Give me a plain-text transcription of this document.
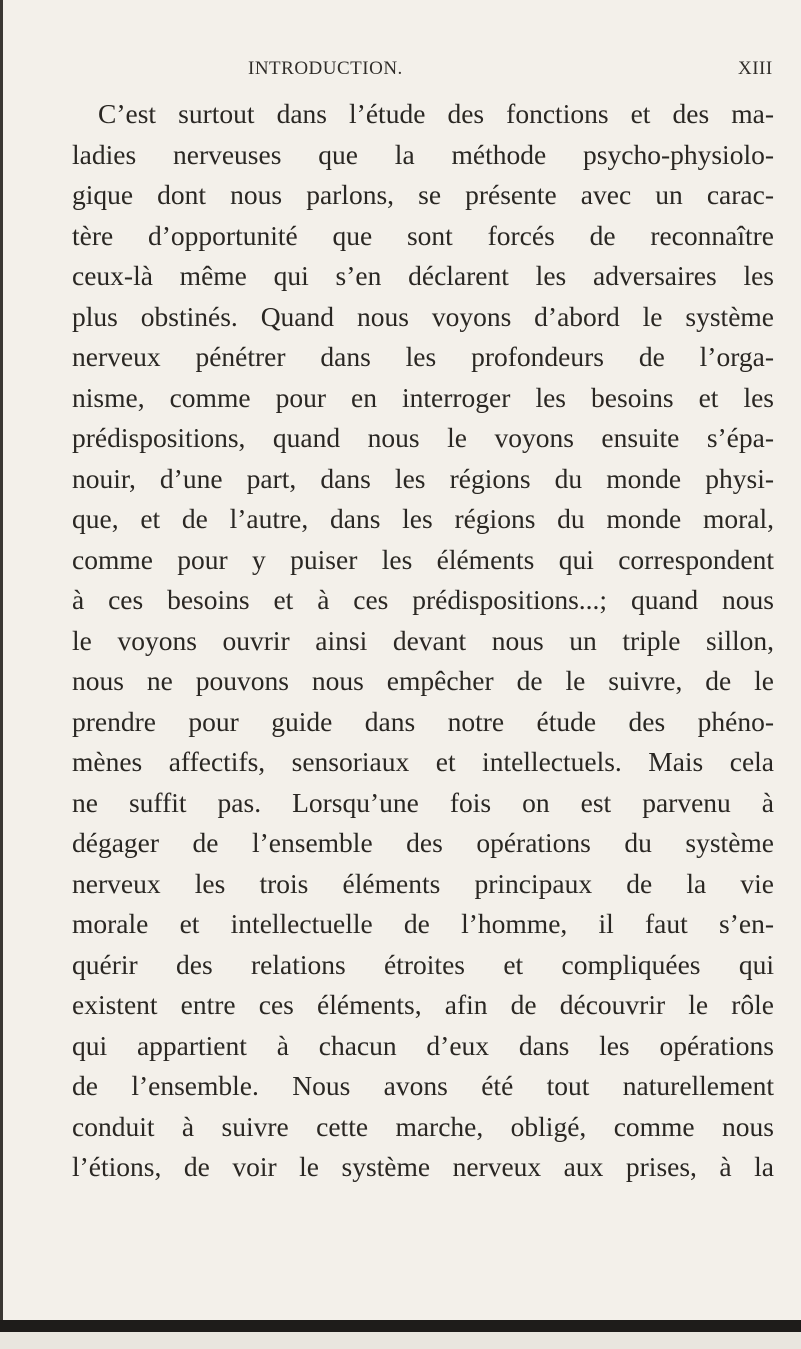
INTRODUCTION.	XIII
C’est surtout dans l’étude des fonctions et des ma-
ladies nerveuses que la méthode psycho-physiolo-
gique dont nous parlons, se présente avec un carac-
tère d’opportunité que sont forcés de reconnaître
ceux-là même qui s’en déclarent les adversaires les
plus obstinés. Quand nous voyons d’abord le système
nerveux pénétrer dans les profondeurs de l’orga-
nisme, comme pour en interroger les besoins et les
prédispositions, quand nous le voyons ensuite s’épa-
nouir, d’une part, dans les régions du monde physi-
que, et de l’autre, dans les régions du monde moral,
comme pour y puiser les éléments qui correspondent
à ces besoins et à ces prédispositions...; quand nous
le voyons ouvrir ainsi devant nous un triple sillon,
nous ne pouvons nous empêcher de le suivre, de le
prendre pour guide dans notre étude des phéno-
mènes affectifs, sensoriaux et intellectuels. Mais cela
ne suffit pas. Lorsqu’une fois on est parvenu à
dégager de l’ensemble des opérations du système
nerveux les trois éléments principaux de la vie
morale et intellectuelle de l’homme, il faut s’en-
quérir des relations étroites et compliquées qui
existent entre ces éléments, afin de découvrir le rôle
qui appartient à chacun d’eux dans les opérations
de l’ensemble. Nous avons été tout naturellement
conduit à suivre cette marche, obligé, comme nous
l’étions, de voir le système nerveux aux prises, à la
